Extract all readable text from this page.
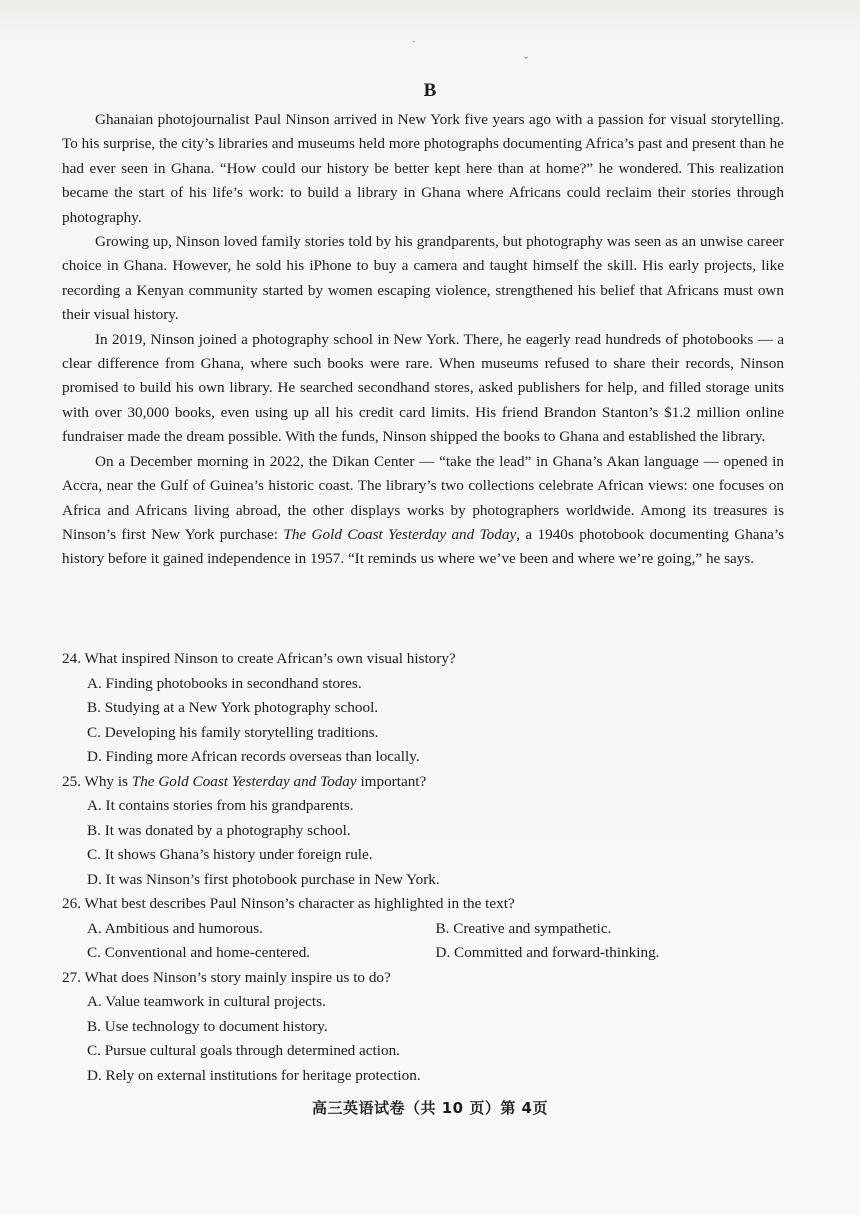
`
ˇ
B

Ghanaian photojournalist Paul Ninson arrived in New York five years ago with a passion for visual storytelling. To his surprise, the city’s libraries and museums held more photographs documenting Africa’s past and present than he had ever seen in Ghana. “How could our history be better kept here than at home?” he wondered. This realization became the start of his life’s work: to build a library in Ghana where Africans could reclaim their stories through photography.

Growing up, Ninson loved family stories told by his grandparents, but photography was seen as an unwise career choice in Ghana. However, he sold his iPhone to buy a camera and taught himself the skill. His early projects, like recording a Kenyan community started by women escaping violence, strengthened his belief that Africans must own their visual history.

In 2019, Ninson joined a photography school in New York. There, he eagerly read hundreds of photobooks — a clear difference from Ghana, where such books were rare. When museums refused to share their records, Ninson promised to build his own library. He searched secondhand stores, asked publishers for help, and filled storage units with over 30,000 books, even using up all his credit card limits. His friend Brandon Stanton’s $1.2 million online fundraiser made the dream possible. With the funds, Ninson shipped the books to Ghana and established the library.

On a December morning in 2022, the Dikan Center — “take the lead” in Ghana’s Akan language — opened in Accra, near the Gulf of Guinea’s historic coast. The library’s two collections celebrate African views: one focuses on Africa and Africans living abroad, the other displays works by photographers worldwide. Among its treasures is Ninson’s first New York purchase: The Gold Coast Yesterday and Today, a 1940s photobook documenting Ghana’s history before it gained independence in 1957. “It reminds us where we’ve been and where we’re going,” he says.

24. What inspired Ninson to create African’s own visual history?

A. Finding photobooks in secondhand stores.

B. Studying at a New York photography school.

C. Developing his family storytelling traditions.

D. Finding more African records overseas than locally.

25. Why is The Gold Coast Yesterday and Today important?

A. It contains stories from his grandparents.

B. It was donated by a photography school.

C. It shows Ghana’s history under foreign rule.

D. It was Ninson’s first photobook purchase in New York.

26. What best describes Paul Ninson’s character as highlighted in the text?

A. Ambitious and humorous.	B. Creative and sympathetic.

C. Conventional and home-centered.	D. Committed and forward-thinking.

27. What does Ninson’s story mainly inspire us to do?

A. Value teamwork in cultural projects.

B. Use technology to document history.

C. Pursue cultural goals through determined action.

D. Rely on external institutions for heritage protection.

高三英语试卷（共 10 页）第 4页
